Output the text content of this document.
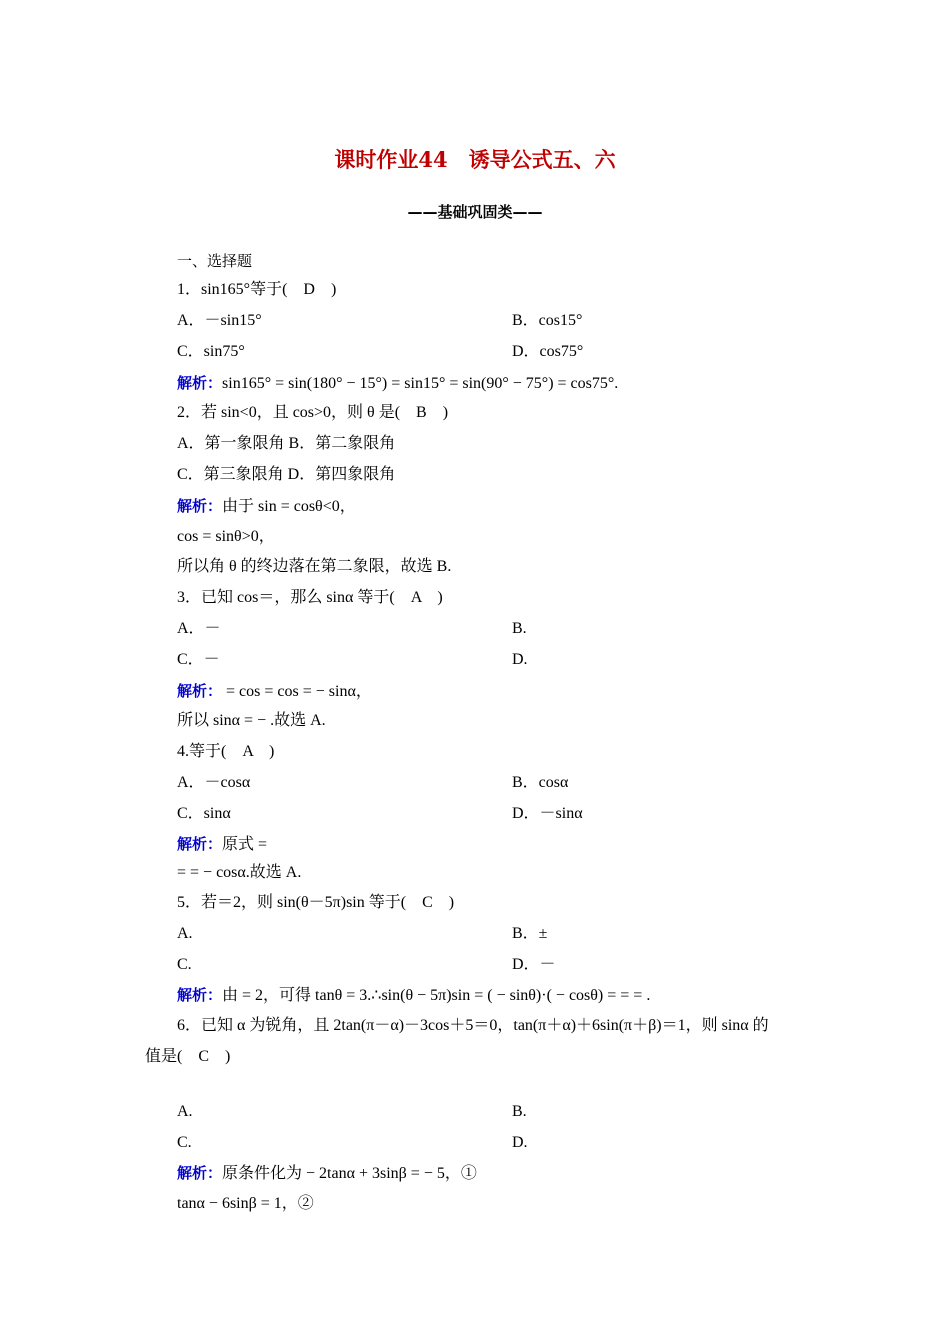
课时作业44　诱导公式五、六
——基础巩固类——
一、选择题
1．sin165°等于(　D　)
A．－sin15°	B．cos15°
C．sin75°	D．cos75°
解析：sin165° = sin(180° − 15°) = sin15° = sin(90° − 75°) = cos75°.
2．若 sin<0，且 cos>0，则 θ 是(　B　)
A．第一象限角 B．第二象限角
C．第三象限角 D．第四象限角
解析：由于 sin = cosθ<0，
cos = sinθ>0，
所以角 θ 的终边落在第二象限，故选 B.
3．已知 cos＝，那么 sinα 等于(　A　)
A．－	B.
C．－	D.
解析： = cos = cos = − sinα，
所以 sinα = − .故选 A.
4.等于(　A　)
A．－cosα	B．cosα
C．sinα	D．－sinα
解析：原式 =
= = − cosα.故选 A.
5．若＝2，则 sin(θ－5π)sin 等于(　C　)
A.	B．±
C.	D．－
解析：由 = 2，可得 tanθ = 3.∴sin(θ − 5π)sin = ( − sinθ)·( − cosθ) = = = .
6．已知 α 为锐角，且 2tan(π－α)－3cos＋5＝0，tan(π＋α)＋6sin(π＋β)＝1，则 sinα 的
值是(　C　)
A.	B.
C.	D.
解析：原条件化为 − 2tanα + 3sinβ = − 5，①
tanα − 6sinβ = 1，②
